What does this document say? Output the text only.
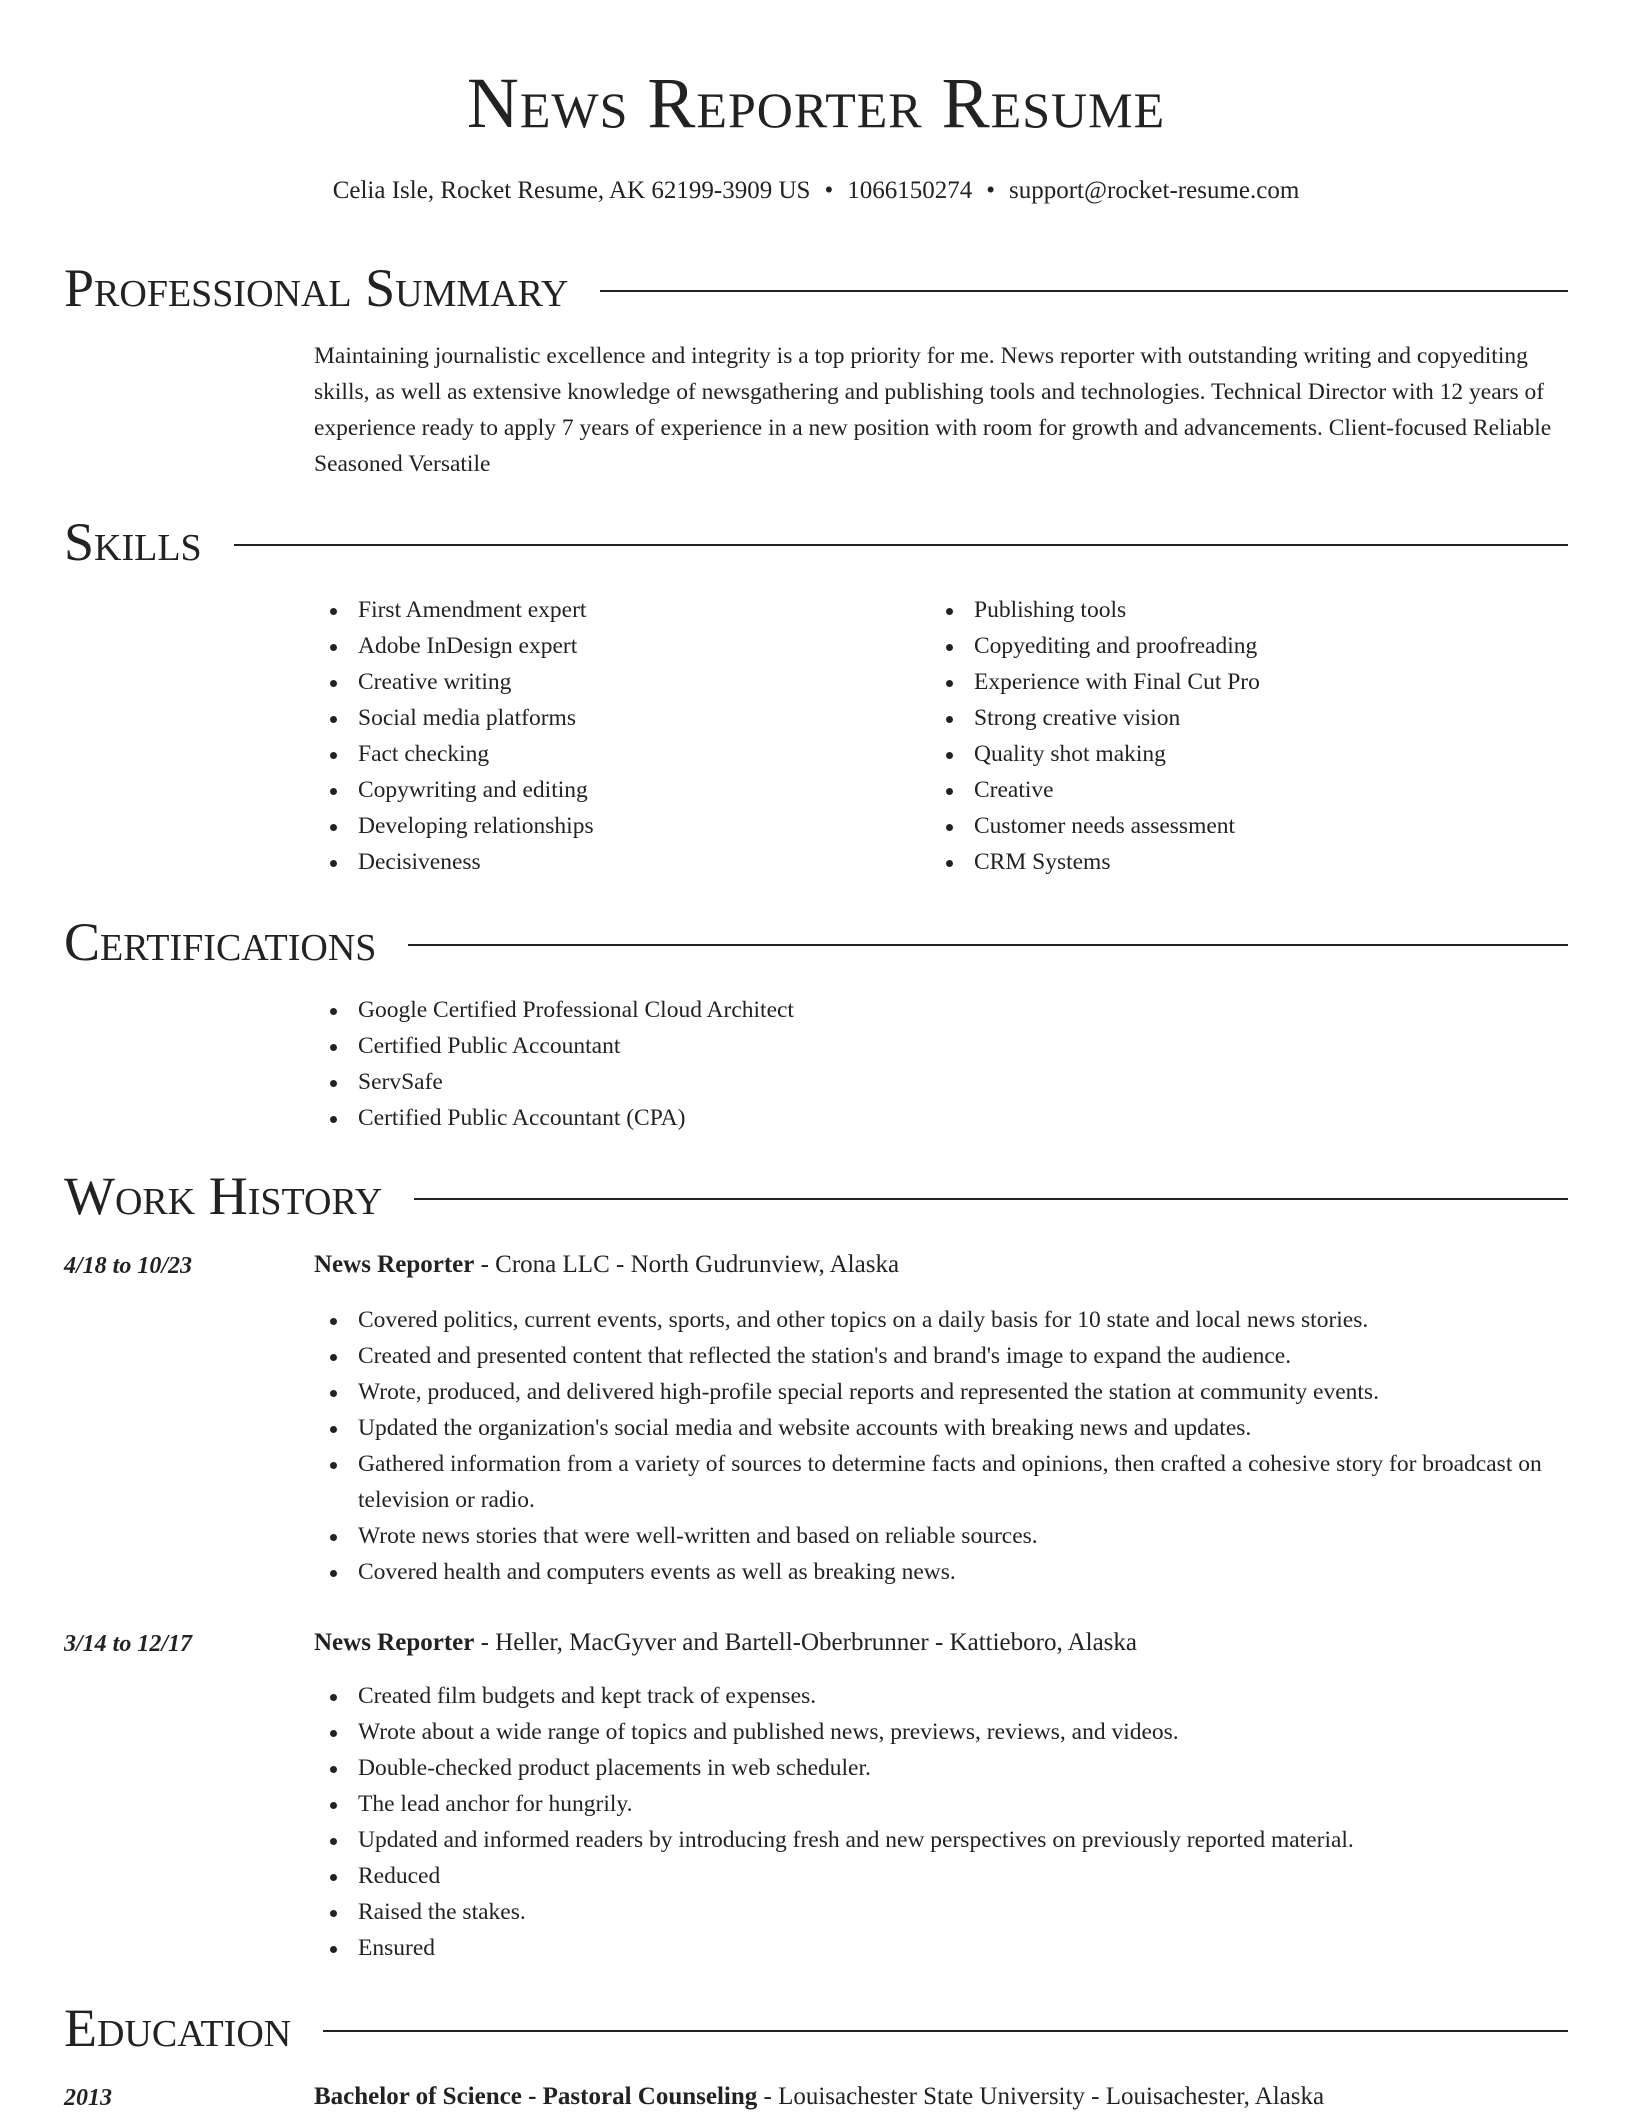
News Reporter Resume
Celia Isle, Rocket Resume, AK 62199-3909 US • 1066150274 • support@rocket-resume.com
Professional Summary

Maintaining journalistic excellence and integrity is a top priority for me. News reporter with outstanding writing and copyediting skills, as well as extensive knowledge of newsgathering and publishing tools and technologies. Technical Director with 12 years of experience ready to apply 7 years of experience in a new position with room for growth and advancements. Client-focused Reliable Seasoned Versatile

Skills
First Amendment expert
Adobe InDesign expert
Creative writing
Social media platforms
Fact checking
Copywriting and editing
Developing relationships
Decisiveness
Publishing tools
Copyediting and proofreading
Experience with Final Cut Pro
Strong creative vision
Quality shot making
Creative
Customer needs assessment
CRM Systems
Certifications
Google Certified Professional Cloud Architect
Certified Public Accountant
ServSafe
Certified Public Accountant (CPA)
Work History
4/18 to 10/23	News Reporter - Crona LLC - North Gudrunview, Alaska
Covered politics, current events, sports, and other topics on a daily basis for 10 state and local news stories.
Created and presented content that reflected the station's and brand's image to expand the audience.
Wrote, produced, and delivered high-profile special reports and represented the station at community events.
Updated the organization's social media and website accounts with breaking news and updates.
Gathered information from a variety of sources to determine facts and opinions, then crafted a cohesive story for broadcast on television or radio.
Wrote news stories that were well-written and based on reliable sources.
Covered health and computers events as well as breaking news.
3/14 to 12/17	News Reporter - Heller, MacGyver and Bartell-Oberbrunner - Kattieboro, Alaska
Created film budgets and kept track of expenses.
Wrote about a wide range of topics and published news, previews, reviews, and videos.
Double-checked product placements in web scheduler.
The lead anchor for hungrily.
Updated and informed readers by introducing fresh and new perspectives on previously reported material.
Reduced
Raised the stakes.
Ensured
Education
2013	Bachelor of Science - Pastoral Counseling - Louisachester State University - Louisachester, Alaska
